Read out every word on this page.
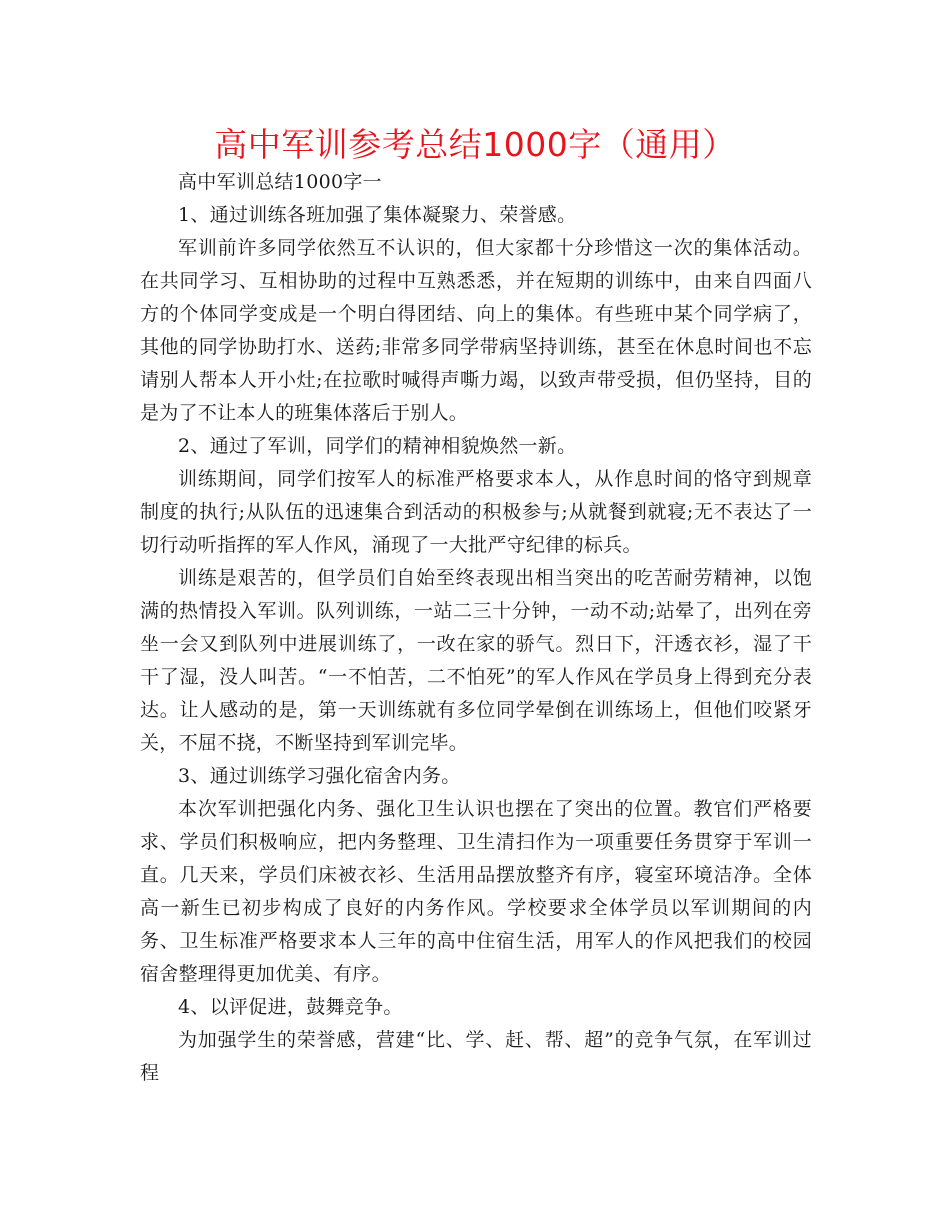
高中军训参考总结1000字（通用）

高中军训总结1000字一

1、通过训练各班加强了集体凝聚力、荣誉感。

军训前许多同学依然互不认识的，但大家都十分珍惜这一次的集体活动。在共同学习、互相协助的过程中互熟悉悉，并在短期的训练中，由来自四面八方的个体同学变成是一个明白得团结、向上的集体。有些班中某个同学病了，其他的同学协助打水、送药;非常多同学带病坚持训练，甚至在休息时间也不忘请别人帮本人开小灶;在拉歌时喊得声嘶力竭，以致声带受损，但仍坚持，目的是为了不让本人的班集体落后于别人。

2、通过了军训，同学们的精神相貌焕然一新。

训练期间，同学们按军人的标准严格要求本人，从作息时间的恪守到规章制度的执行;从队伍的迅速集合到活动的积极参与;从就餐到就寝;无不表达了一切行动听指挥的军人作风，涌现了一大批严守纪律的标兵。

训练是艰苦的，但学员们自始至终表现出相当突出的吃苦耐劳精神，以饱满的热情投入军训。队列训练，一站二三十分钟，一动不动;站晕了，出列在旁坐一会又到队列中进展训练了，一改在家的骄气。烈日下，汗透衣衫，湿了干干了湿，没人叫苦。“一不怕苦，二不怕死”的军人作风在学员身上得到充分表达。让人感动的是，第一天训练就有多位同学晕倒在训练场上，但他们咬紧牙关，不屈不挠，不断坚持到军训完毕。

3、通过训练学习强化宿舍内务。

本次军训把强化内务、强化卫生认识也摆在了突出的位置。教官们严格要求、学员们积极响应，把内务整理、卫生清扫作为一项重要任务贯穿于军训一直。几天来，学员们床被衣衫、生活用品摆放整齐有序，寝室环境洁净。全体高一新生已初步构成了良好的内务作风。学校要求全体学员以军训期间的内务、卫生标准严格要求本人三年的高中住宿生活，用军人的作风把我们的校园宿舍整理得更加优美、有序。

4、以评促进，鼓舞竞争。

为加强学生的荣誉感，营建“比、学、赶、帮、超”的竞争气氛，在军训过程
